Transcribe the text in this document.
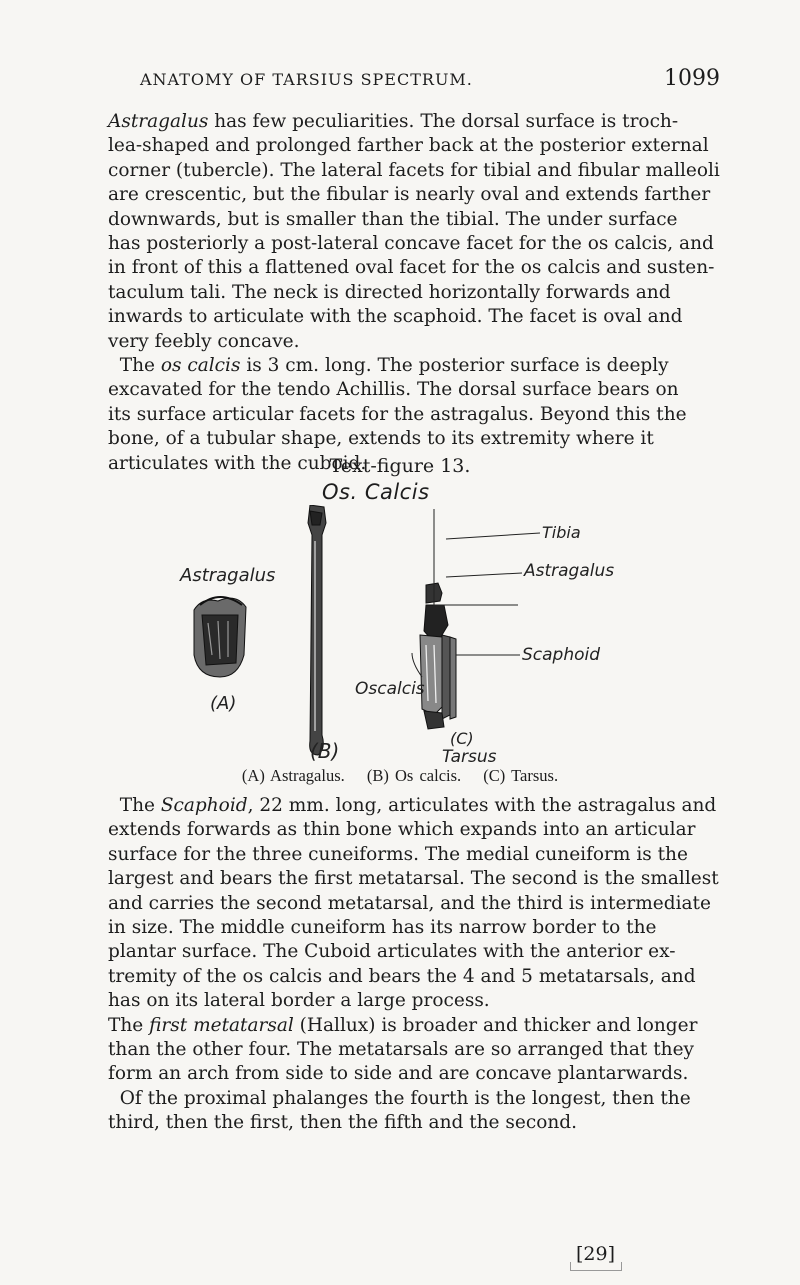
ANATOMY OF TARSIUS SPECTRUM.	1099

Astragalus has few peculiarities. The dorsal surface is troch-

lea-shaped and prolonged farther back at the posterior external

corner (tubercle). The lateral facets for tibial and fibular malleoli

are crescentic, but the fibular is nearly oval and extends farther

downwards, but is smaller than the tibial. The under surface

has posteriorly a post-lateral concave facet for the os calcis, and

in front of this a flattened oval facet for the os calcis and susten-

taculum tali. The neck is directed horizontally forwards and

inwards to articulate with the scaphoid. The facet is oval and

very feebly concave.

The os calcis is 3 cm. long. The posterior surface is deeply

excavated for the tendo Achillis. The dorsal surface bears on

its surface articular facets for the astragalus. Beyond this the

bone, of a tubular shape, extends to its extremity where it

articulates with the cuboid.

Text-figure 13.
Os. Calcis
Astragalus
(A)
(B)
(C)
Tarsus
Tibia
Astragalus
Oscalcis
Scaphoid
(A) Astragalus. (B) Os calcis. (C) Tarsus.

The Scaphoid, 22 mm. long, articulates with the astragalus and

extends forwards as thin bone which expands into an articular

surface for the three cuneiforms. The medial cuneiform is the

largest and bears the first metatarsal. The second is the smallest

and carries the second metatarsal, and the third is intermediate

in size. The middle cuneiform has its narrow border to the

plantar surface. The Cuboid articulates with the anterior ex-

tremity of the os calcis and bears the 4 and 5 metatarsals, and

has on its lateral border a large process.

The first metatarsal (Hallux) is broader and thicker and longer

than the other four. The metatarsals are so arranged that they

form an arch from side to side and are concave plantarwards.

Of the proximal phalanges the fourth is the longest, then the

third, then the first, then the fifth and the second.

[29]
